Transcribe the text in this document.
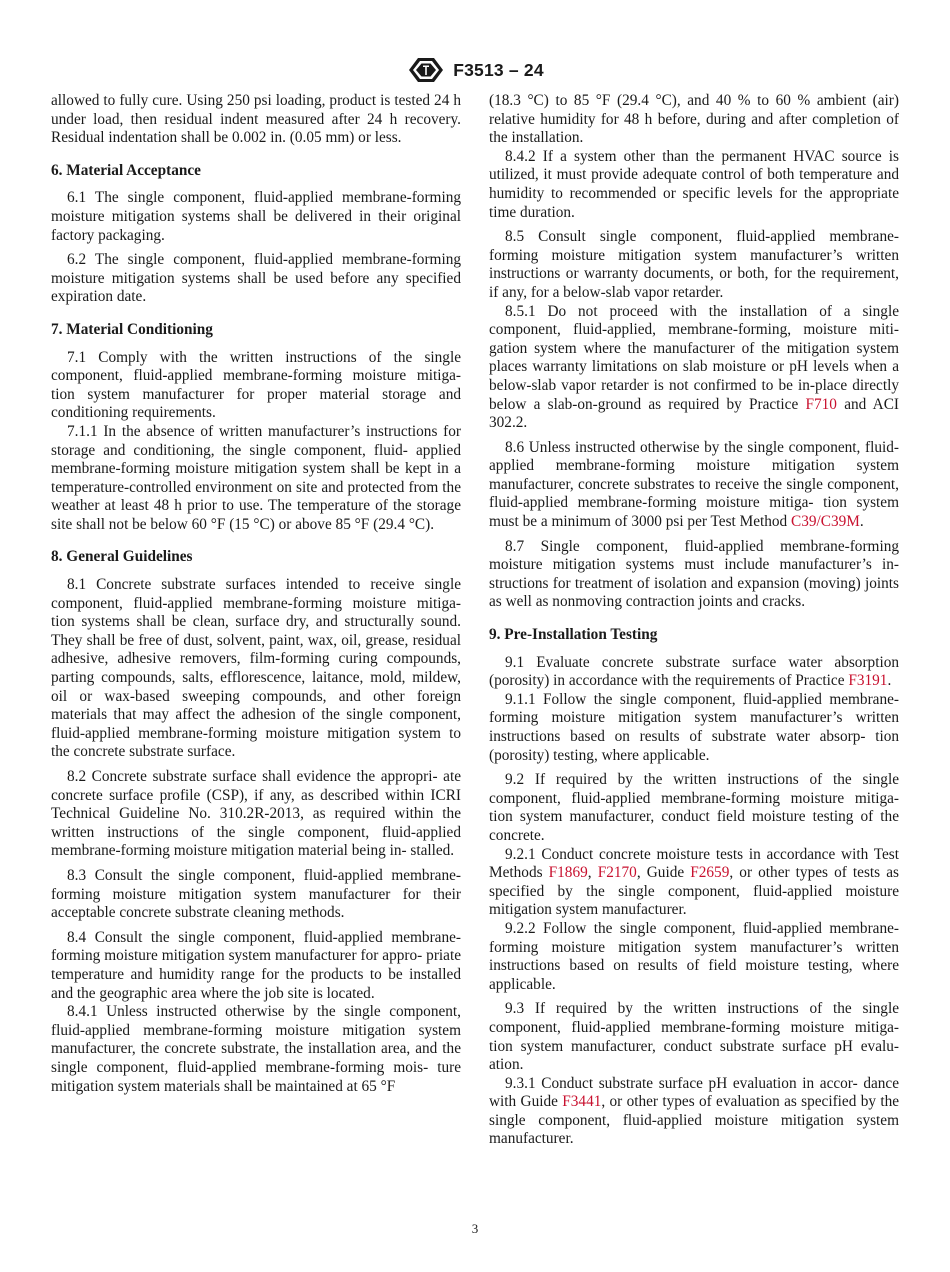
F3513 – 24

allowed to fully cure. Using 250 psi loading, product is tested 24 h under load, then residual indent measured after 24 h recovery. Residual indentation shall be 0.002 in. (0.05 mm) or less.

6. Material Acceptance

6.1 The single component, fluid-applied membrane-forming moisture mitigation systems shall be delivered in their original factory packaging.

6.2 The single component, fluid-applied membrane-forming moisture mitigation systems shall be used before any specified expiration date.

7. Material Conditioning

7.1 Comply with the written instructions of the single component, fluid-applied membrane-forming moisture mitiga- tion system manufacturer for proper material storage and conditioning requirements.

7.1.1 In the absence of written manufacturer’s instructions for storage and conditioning, the single component, fluid- applied membrane-forming moisture mitigation system shall be kept in a temperature-controlled environment on site and protected from the weather at least 48 h prior to use. The temperature of the storage site shall not be below 60 °F (15 °C) or above 85 °F (29.4 °C).

8. General Guidelines

8.1 Concrete substrate surfaces intended to receive single component, fluid-applied membrane-forming moisture mitiga- tion systems shall be clean, surface dry, and structurally sound. They shall be free of dust, solvent, paint, wax, oil, grease, residual adhesive, adhesive removers, film-forming curing compounds, parting compounds, salts, efflorescence, laitance, mold, mildew, oil or wax-based sweeping compounds, and other foreign materials that may affect the adhesion of the single component, fluid-applied membrane-forming moisture mitigation system to the concrete substrate surface.

8.2 Concrete substrate surface shall evidence the appropri- ate concrete surface profile (CSP), if any, as described within ICRI Technical Guideline No. 310.2R-2013, as required within the written instructions of the single component, fluid-applied membrane-forming moisture mitigation material being in- stalled.

8.3 Consult the single component, fluid-applied membrane- forming moisture mitigation system manufacturer for their acceptable concrete substrate cleaning methods.

8.4 Consult the single component, fluid-applied membrane- forming moisture mitigation system manufacturer for appro- priate temperature and humidity range for the products to be installed and the geographic area where the job site is located.

8.4.1 Unless instructed otherwise by the single component, fluid-applied membrane-forming moisture mitigation system manufacturer, the concrete substrate, the installation area, and the single component, fluid-applied membrane-forming mois- ture mitigation system materials shall be maintained at 65 °F

(18.3 °C) to 85 °F (29.4 °C), and 40 % to 60 % ambient (air) relative humidity for 48 h before, during and after completion of the installation.

8.4.2 If a system other than the permanent HVAC source is utilized, it must provide adequate control of both temperature and humidity to recommended or specific levels for the appropriate time duration.

8.5 Consult single component, fluid-applied membrane- forming moisture mitigation system manufacturer’s written instructions or warranty documents, or both, for the requirement, if any, for a below-slab vapor retarder.

8.5.1 Do not proceed with the installation of a single component, fluid-applied, membrane-forming, moisture miti- gation system where the manufacturer of the mitigation system places warranty limitations on slab moisture or pH levels when a below-slab vapor retarder is not confirmed to be in-place directly below a slab-on-ground as required by Practice F710 and ACI 302.2.

8.6 Unless instructed otherwise by the single component, fluid-applied membrane-forming moisture mitigation system manufacturer, concrete substrates to receive the single component, fluid-applied membrane-forming moisture mitiga- tion system must be a minimum of 3000 psi per Test Method C39/C39M.

8.7 Single component, fluid-applied membrane-forming moisture mitigation systems must include manufacturer’s in- structions for treatment of isolation and expansion (moving) joints as well as nonmoving contraction joints and cracks.

9. Pre-Installation Testing

9.1 Evaluate concrete substrate surface water absorption (porosity) in accordance with the requirements of Practice F3191.

9.1.1 Follow the single component, fluid-applied membrane-forming moisture mitigation system manufacturer’s written instructions based on results of substrate water absorp- tion (porosity) testing, where applicable.

9.2 If required by the written instructions of the single component, fluid-applied membrane-forming moisture mitiga- tion system manufacturer, conduct field moisture testing of the concrete.

9.2.1 Conduct concrete moisture tests in accordance with Test Methods F1869, F2170, Guide F2659, or other types of tests as specified by the single component, fluid-applied moisture mitigation system manufacturer.

9.2.2 Follow the single component, fluid-applied membrane-forming moisture mitigation system manufacturer’s written instructions based on results of field moisture testing, where applicable.

9.3 If required by the written instructions of the single component, fluid-applied membrane-forming moisture mitiga- tion system manufacturer, conduct substrate surface pH evalu- ation.

9.3.1 Conduct substrate surface pH evaluation in accor- dance with Guide F3441, or other types of evaluation as specified by the single component, fluid-applied moisture mitigation system manufacturer.

3
